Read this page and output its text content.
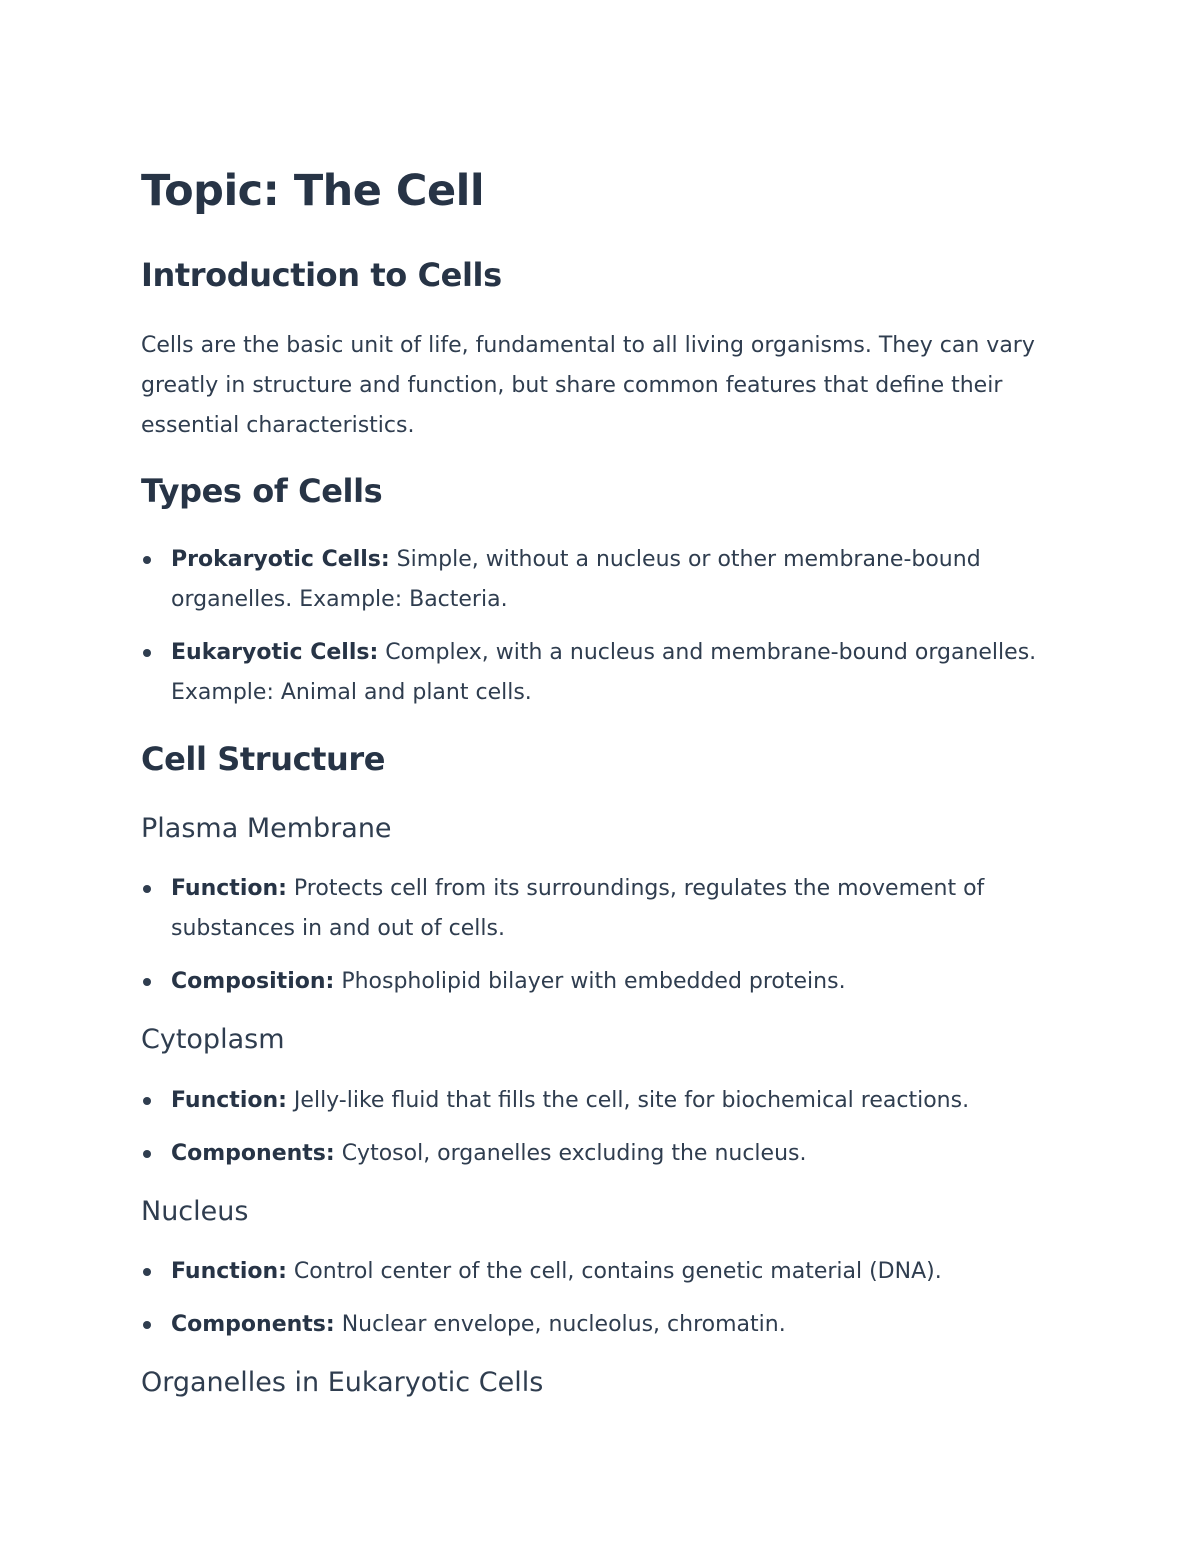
Topic: The Cell
Introduction to Cells

Cells are the basic unit of life, fundamental to all living organisms. They can vary greatly in structure and function, but share common features that define their essential characteristics.

Types of Cells
Prokaryotic Cells: Simple, without a nucleus or other membrane-bound organelles. Example: Bacteria.
Eukaryotic Cells: Complex, with a nucleus and membrane-bound organelles. Example: Animal and plant cells.
Cell Structure
Plasma Membrane
Function: Protects cell from its surroundings, regulates the movement of substances in and out of cells.
Composition: Phospholipid bilayer with embedded proteins.
Cytoplasm
Function: Jelly-like fluid that fills the cell, site for biochemical reactions.
Components: Cytosol, organelles excluding the nucleus.
Nucleus
Function: Control center of the cell, contains genetic material (DNA).
Components: Nuclear envelope, nucleolus, chromatin.
Organelles in Eukaryotic Cells
